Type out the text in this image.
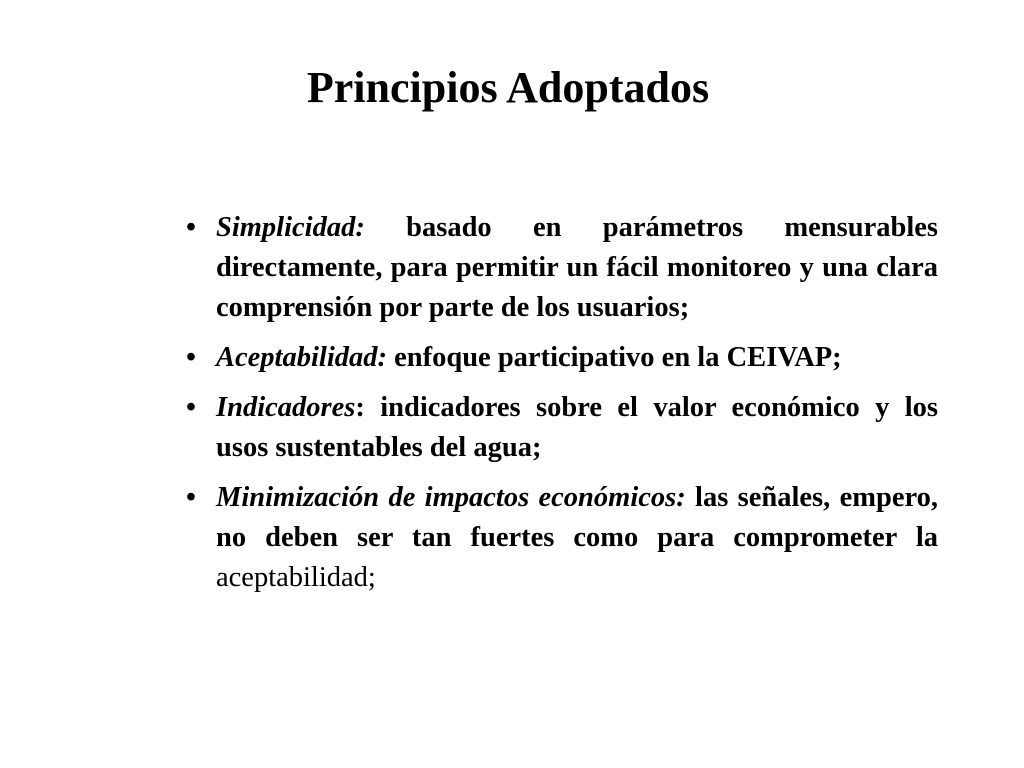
Principios Adoptados
• Simplicidad: basado en parámetros mensurables directamente, para permitir un fácil monitoreo y una clara comprensión por parte de los usuarios;
• Aceptabilidad: enfoque participativo en la CEIVAP;
• Indicadores: indicadores sobre el valor económico y los usos sustentables del agua;
• Minimización de impactos económicos: las señales, empero, no deben ser tan fuertes como para comprometer la aceptabilidad;
